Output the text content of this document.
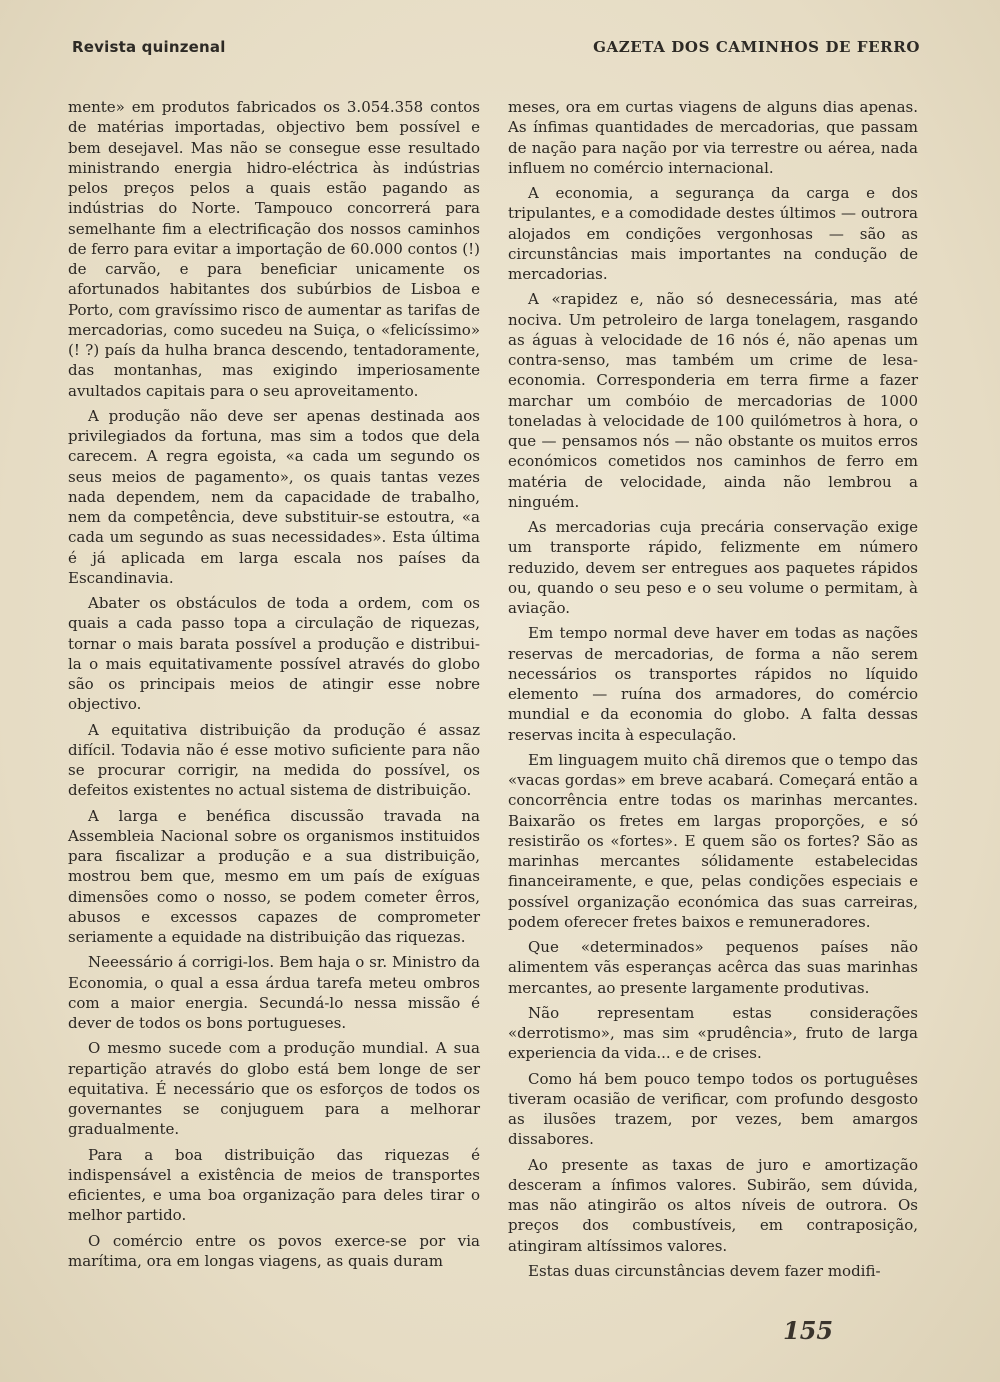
Revista quinzenal	GAZETA DOS CAMINHOS DE FERRO

mente» em produtos fabricados os 3.054.358 contos de matérias importadas, objectivo bem possível e bem desejavel. Mas não se consegue esse resultado ministrando energia hidro-eléctrica às indústrias pelos preços pelos a quais estão pagando as indústrias do Norte. Tampouco concorrerá para semelhante fim a electrificação dos nossos caminhos de ferro para evitar a importação de 60.000 contos (!) de carvão, e para beneficiar unicamente os afortunados habitantes dos subúrbios de Lisboa e Porto, com gravíssimo risco de aumentar as tarifas de mercadorias, como sucedeu na Suiça, o «felicíssimo» (! ?) país da hulha branca descendo, tentadoramente, das montanhas, mas exigindo imperiosamente avultados capitais para o seu aproveitamento.

A produção não deve ser apenas destinada aos privilegiados da fortuna, mas sim a todos que dela carecem. A regra egoista, «a cada um segundo os seus meios de pagamento», os quais tantas vezes nada dependem, nem da capacidade de trabalho, nem da competência, deve substituir-se estoutra, «a cada um segundo as suas necessidades». Esta última é já aplicada em larga escala nos países da Escandinavia.

Abater os obstáculos de toda a ordem, com os quais a cada passo topa a circulação de riquezas, tornar o mais barata possível a produção e distribui-la o mais equitativamente possível através do globo são os principais meios de atingir esse nobre objectivo.

A equitativa distribuição da produção é assaz difícil. Todavia não é esse motivo suficiente para não se procurar corrigir, na medida do possível, os defeitos existentes no actual sistema de distribuição.

A larga e benéfica discussão travada na Assembleia Nacional sobre os organismos instituidos para fiscalizar a produção e a sua distribuição, mostrou bem que, mesmo em um país de exíguas dimensões como o nosso, se podem cometer êrros, abusos e excessos capazes de comprometer seriamente a equidade na distribuição das riquezas.

Neeessário á corrigi-los. Bem haja o sr. Ministro da Economia, o qual a essa árdua tarefa meteu ombros com a maior energia. Secundá-lo nessa missão é dever de todos os bons portugueses.

O mesmo sucede com a produção mundial. A sua repartição através do globo está bem longe de ser equitativa. É necessário que os esforços de todos os governantes se conjuguem para a melhorar gradualmente.

Para a boa distribuição das riquezas é indispensável a existência de meios de transportes eficientes, e uma boa organização para deles tirar o melhor partido.

O comércio entre os povos exerce-se por via marítima, ora em longas viagens, as quais duram

meses, ora em curtas viagens de alguns dias apenas. As ínfimas quantidades de mercadorias, que passam de nação para nação por via terrestre ou aérea, nada influem no comércio internacional.

A economia, a segurança da carga e dos tripulantes, e a comodidade destes últimos — outrora alojados em condições vergonhosas — são as circunstâncias mais importantes na condução de mercadorias.

A «rapidez e, não só desnecessária, mas até nociva. Um petroleiro de larga tonelagem, rasgando as águas à velocidade de 16 nós é, não apenas um contra-senso, mas também um crime de lesa-economia. Corresponderia em terra firme a fazer marchar um combóio de mercadorias de 1000 toneladas à velocidade de 100 quilómetros à hora, o que — pensamos nós — não obstante os muitos erros económicos cometidos nos caminhos de ferro em matéria de velocidade, ainda não lembrou a ninguém.

As mercadorias cuja precária conservação exige um transporte rápido, felizmente em número reduzido, devem ser entregues aos paquetes rápidos ou, quando o seu peso e o seu volume o permitam, à aviação.

Em tempo normal deve haver em todas as nações reservas de mercadorias, de forma a não serem necessários os transportes rápidos no líquido elemento — ruína dos armadores, do comércio mundial e da economia do globo. A falta dessas reservas incita à especulação.

Em linguagem muito chã diremos que o tempo das «vacas gordas» em breve acabará. Começará então a concorrência entre todas os marinhas mercantes. Baixarão os fretes em largas proporções, e só resistirão os «fortes». E quem são os fortes? São as marinhas mercantes sólidamente estabelecidas financeiramente, e que, pelas condições especiais e possível organização económica das suas carreiras, podem oferecer fretes baixos e remuneradores.

Que «determinados» pequenos países não alimentem vãs esperanças acêrca das suas marinhas mercantes, ao presente largamente produtivas.

Não representam estas considerações «derrotismo», mas sim «prudência», fruto de larga experiencia da vida... e de crises.

Como há bem pouco tempo todos os portuguêses tiveram ocasião de verificar, com profundo desgosto as ilusões trazem, por vezes, bem amargos dissabores.

Ao presente as taxas de juro e amortização desceram a ínfimos valores. Subirão, sem dúvida, mas não atingirão os altos níveis de outrora. Os preços dos combustíveis, em contraposição, atingiram altíssimos valores.

Estas duas circunstâncias devem fazer modifi-

155
